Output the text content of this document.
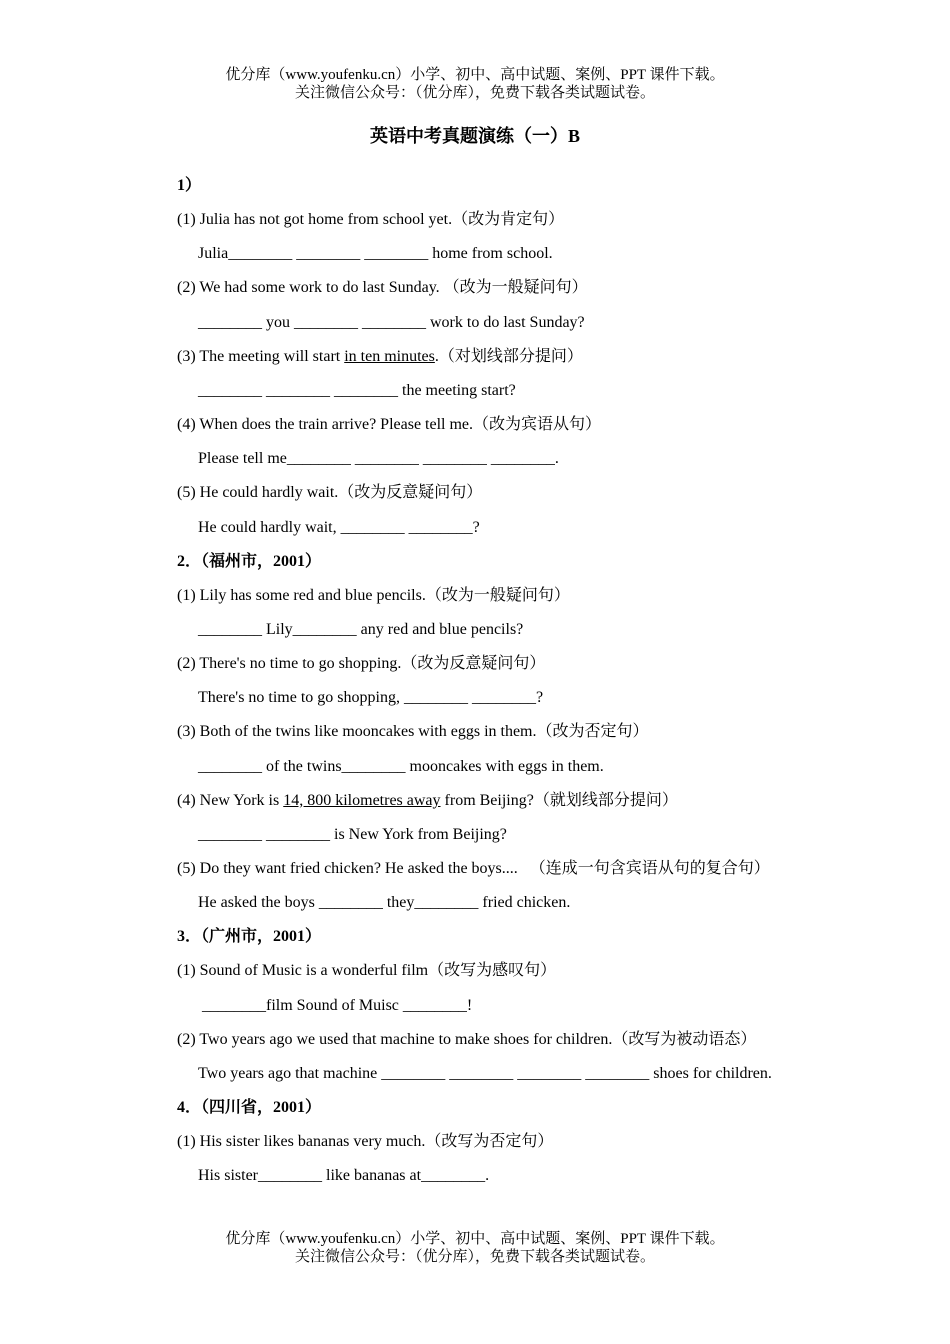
优分库（www.youfenku.cn）小学、初中、高中试题、案例、PPT 课件下载。
关注微信公众号：（优分库），免费下载各类试题试卷。
英语中考真题演练（一）B
1）
(1) Julia has not got home from school yet.（改为肯定句）
Julia________ ________ ________ home from school.
(2) We had some work to do last Sunday. （改为一般疑问句）
________ you ________ ________ work to do last Sunday?
(3) The meeting will start in ten minutes.（对划线部分提问）
________ ________ ________ the meeting start?
(4) When does the train arrive? Please tell me.（改为宾语从句）
Please tell me________ ________ ________ ________.
(5) He could hardly wait.（改为反意疑问句）
He could hardly wait, ________ ________?
2．（福州市，2001）
(1) Lily has some red and blue pencils.（改为一般疑问句）
________ Lily________ any red and blue pencils?
(2) There's no time to go shopping.（改为反意疑问句）
There's no time to go shopping, ________ ________?
(3) Both of the twins like mooncakes with eggs in them.（改为否定句）
________ of the twins________ mooncakes with eggs in them.
(4) New York is 14, 800 kilometres away from Beijing?（就划线部分提问）
________ ________ is New York from Beijing?
(5) Do they want fried chicken? He asked the boys....   （连成一句含宾语从句的复合句）
He asked the boys ________ they________ fried chicken.
3．（广州市，2001）
(1) Sound of Music is a wonderful film（改写为感叹句）
________film Sound of Muisc ________!
(2) Two years ago we used that machine to make shoes for children.（改写为被动语态）
Two years ago that machine ________ ________ ________ ________ shoes for children.
4．（四川省，2001）
(1) His sister likes bananas very much.（改写为否定句）
His sister________ like bananas at________.
优分库（www.youfenku.cn）小学、初中、高中试题、案例、PPT 课件下载。
关注微信公众号：（优分库），免费下载各类试题试卷。
